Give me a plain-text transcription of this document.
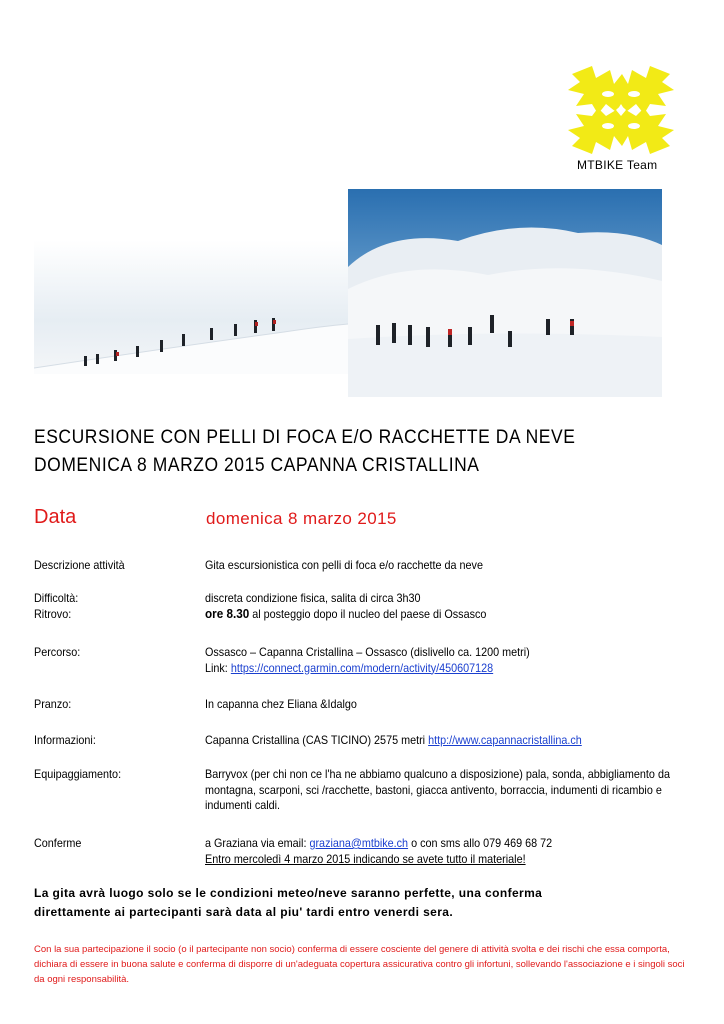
MTBIKE Team
ESCURSIONE CON PELLI DI FOCA E/O RACCHETTE DA NEVE
DOMENICA 8 MARZO 2015 CAPANNA CRISTALLINA
Data	domenica 8 marzo 2015
Descrizione attività	Gita escursionistica con pelli di foca e/o racchette da neve
Difficoltà:	discreta condizione fisica, salita di circa 3h30
Ritrovo:	ore 8.30 al posteggio dopo il nucleo del paese di Ossasco
Percorso:	Ossasco – Capanna Cristallina – Ossasco (dislivello ca. 1200 metri)
Link: https://connect.garmin.com/modern/activity/450607128
Pranzo:	In capanna chez Eliana &Idalgo
Informazioni:	Capanna Cristallina (CAS TICINO) 2575 metri http://www.capannacristallina.ch
Equipaggiamento:	Barryvox (per chi non ce l'ha ne abbiamo qualcuno a disposizione) pala, sonda, abbigliamento da
montagna, scarponi, sci /racchette, bastoni, giacca antivento, borraccia, indumenti di ricambio e
indumenti caldi.
Conferme	a Graziana via email: graziana@mtbike.ch o con sms allo 079 469 68 72
Entro mercoledì 4 marzo 2015 indicando se avete tutto il materiale!
La gita avrà luogo solo se le condizioni meteo/neve saranno perfette, una conferma
direttamente ai partecipanti sarà data al piu' tardi entro venerdi sera.
Con la sua partecipazione il socio (o il partecipante non socio) conferma di essere cosciente del genere di attività svolta e dei rischi che essa comporta, dichiara di essere in buona salute e conferma di disporre di un'adeguata copertura assicurativa contro gli infortuni, sollevando l'associazione e i singoli soci da ogni responsabilità.
